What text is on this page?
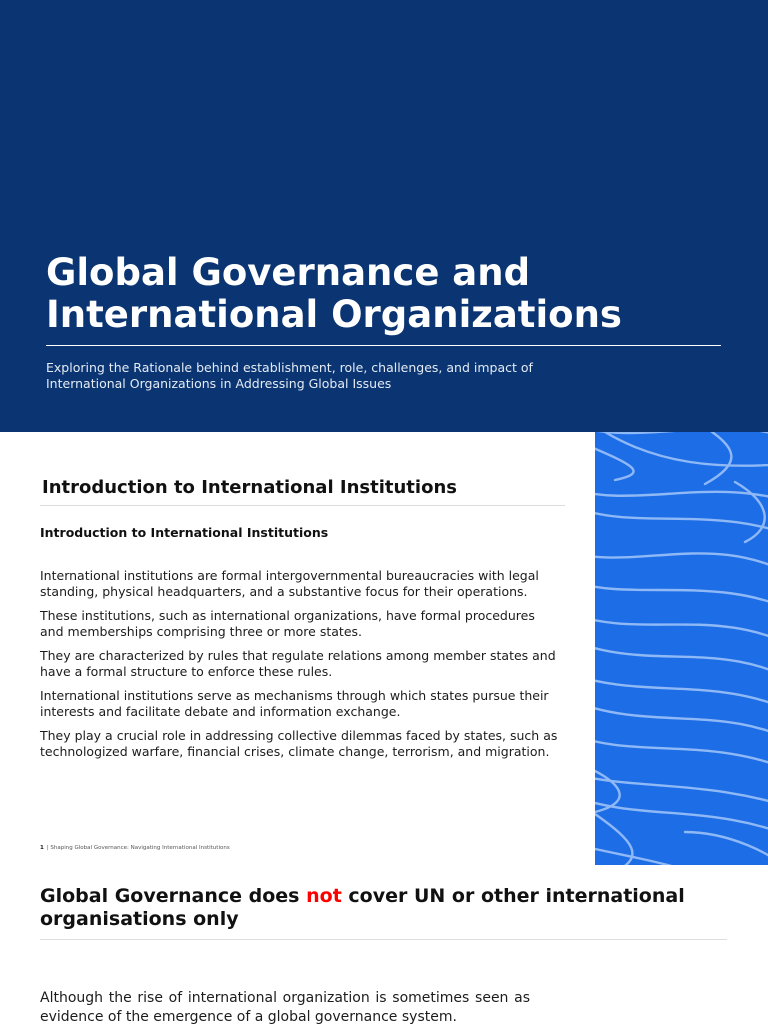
Global Governance and
International Organizations

Exploring the Rationale behind establishment, role, challenges, and impact of International Organizations in Addressing Global Issues

Introduction to International Institutions
Introduction to International Institutions
International institutions are formal intergovernmental bureaucracies with legal standing, physical headquarters, and a substantive focus for their operations.
These institutions, such as international organizations, have formal procedures and memberships comprising three or more states.
They are characterized by rules that regulate relations among member states and have a formal structure to enforce these rules.
International institutions serve as mechanisms through which states pursue their interests and facilitate debate and information exchange.
They play a crucial role in addressing collective dilemmas faced by states, such as technologized warfare, financial crises, climate change, terrorism, and migration.
1 | Shaping Global Governance: Navigating International Institutions
Global Governance does not cover UN or other international organisations only

Although the rise of international organization is sometimes seen as evidence of the emergence of a global governance system.
